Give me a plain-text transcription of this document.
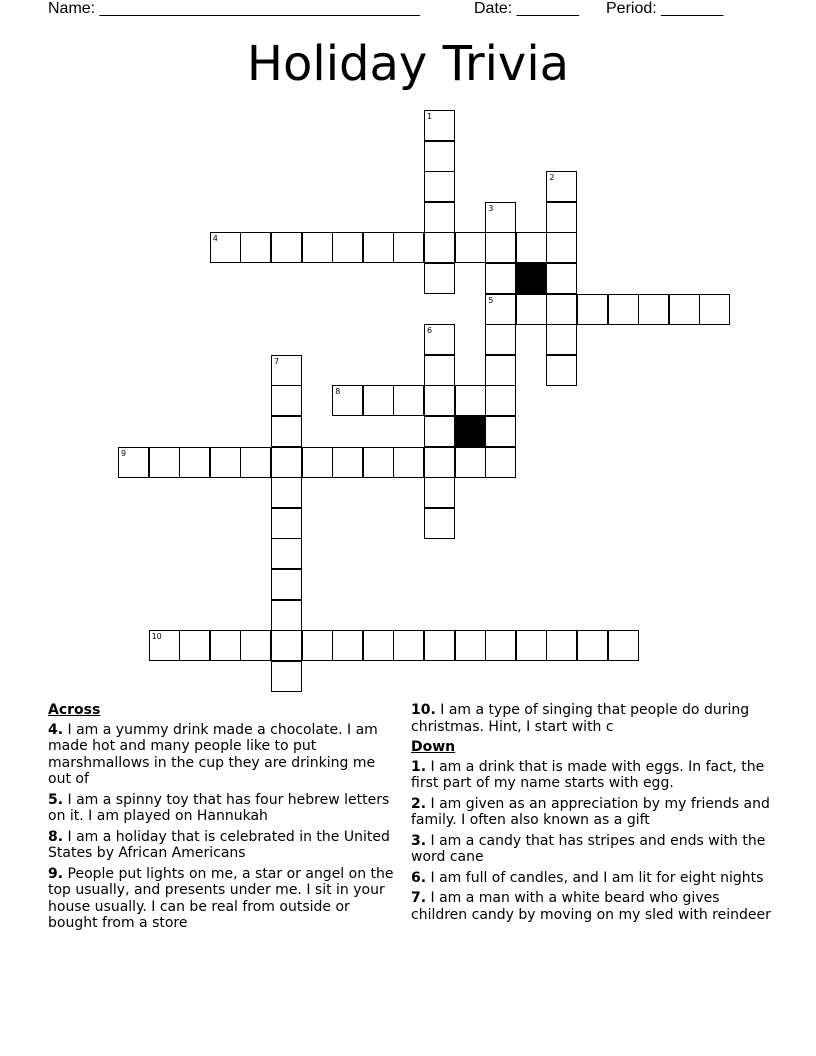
Name: ____________________________________	Date: _______ Period: _______
Holiday Trivia
1
2
3
5
4
6
7
8
9
10
Across
4. I am a yummy drink made a chocolate. I am made hot and many people like to put marshmallows in the cup they are drinking me out of
5. I am a spinny toy that has four hebrew letters on it. I am played on Hannukah
8. I am a holiday that is celebrated in the United States by African Americans
9. People put lights on me, a star or angel on the top usually, and presents under me. I sit in your house usually. I can be real from outside or bought from a store
10. I am a type of singing that people do during christmas. Hint, I start with c
Down
1. I am a drink that is made with eggs. In fact, the first part of my name starts with egg.
2. I am given as an appreciation by my friends and family. I often also known as a gift
3. I am a candy that has stripes and ends with the word cane
6. I am full of candles, and I am lit for eight nights
7. I am a man with a white beard who gives children candy by moving on my sled with reindeer
